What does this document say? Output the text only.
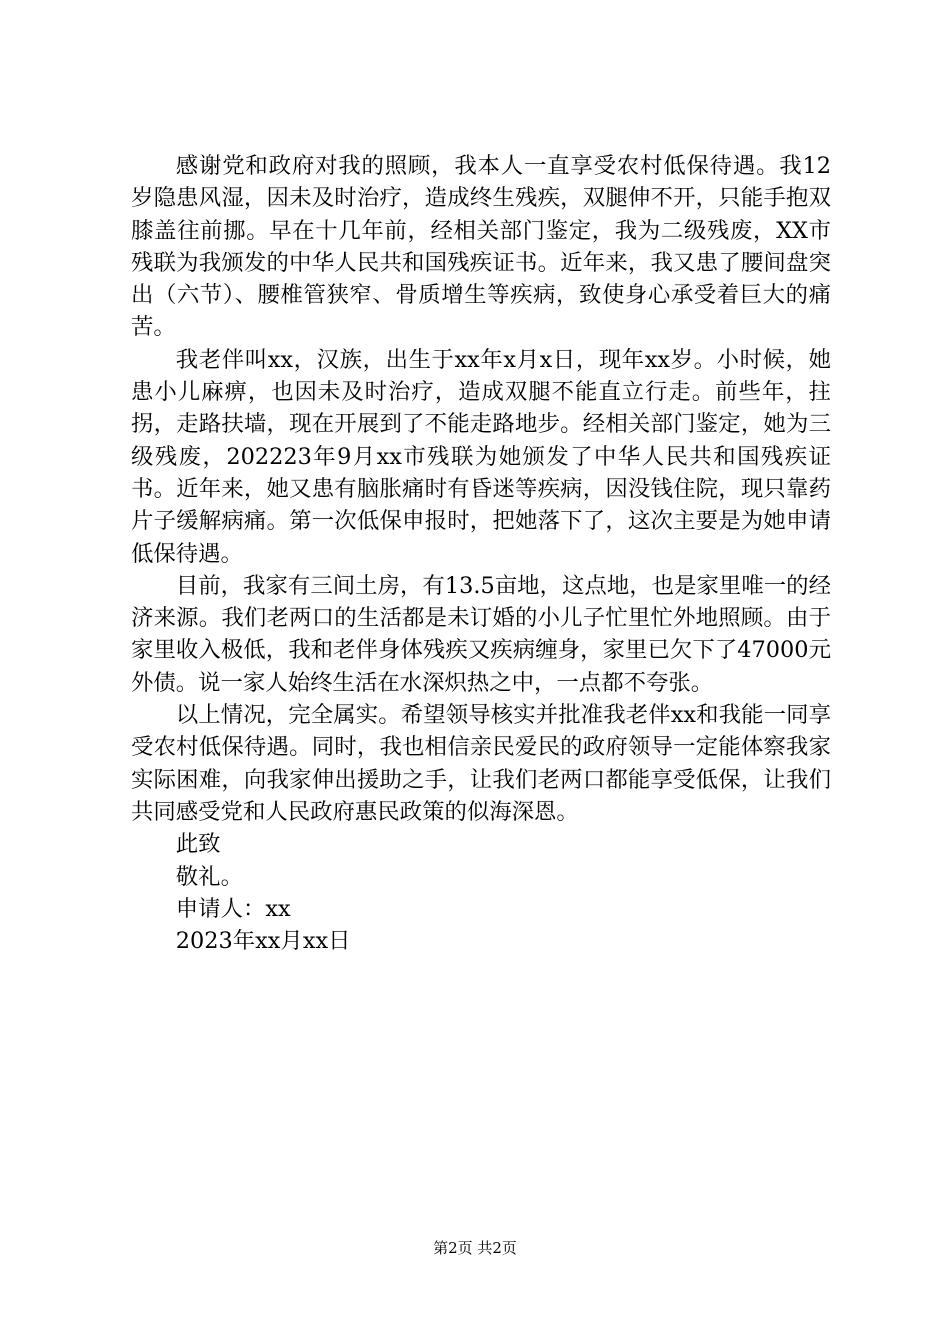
感谢党和政府对我的照顾，我本人一直享受农村低保待遇。我12岁隐患风湿，因未及时治疗，造成终生残疾，双腿伸不开，只能手抱双膝盖往前挪。早在十几年前，经相关部门鉴定，我为二级残废，XX市残联为我颁发的中华人民共和国残疾证书。近年来，我又患了腰间盘突出（六节）、腰椎管狭窄、骨质增生等疾病，致使身心承受着巨大的痛苦。

我老伴叫xx，汉族，出生于xx年x月x日，现年xx岁。小时候，她患小儿麻痹，也因未及时治疗，造成双腿不能直立行走。前些年，拄拐，走路扶墙，现在开展到了不能走路地步。经相关部门鉴定，她为三级残废，202223年9月xx市残联为她颁发了中华人民共和国残疾证书。近年来，她又患有脑胀痛时有昏迷等疾病，因没钱住院，现只靠药片子缓解病痛。第一次低保申报时，把她落下了，这次主要是为她申请低保待遇。

目前，我家有三间土房，有13.5亩地，这点地，也是家里唯一的经济来源。我们老两口的生活都是未订婚的小儿子忙里忙外地照顾。由于家里收入极低，我和老伴身体残疾又疾病缠身，家里已欠下了47000元外债。说一家人始终生活在水深炽热之中，一点都不夸张。

以上情况，完全属实。希望领导核实并批准我老伴xx和我能一同享受农村低保待遇。同时，我也相信亲民爱民的政府领导一定能体察我家实际困难，向我家伸出援助之手，让我们老两口都能享受低保，让我们共同感受党和人民政府惠民政策的似海深恩。

此致

敬礼。

申请人：xx

2023年xx月xx日

第2页 共2页
